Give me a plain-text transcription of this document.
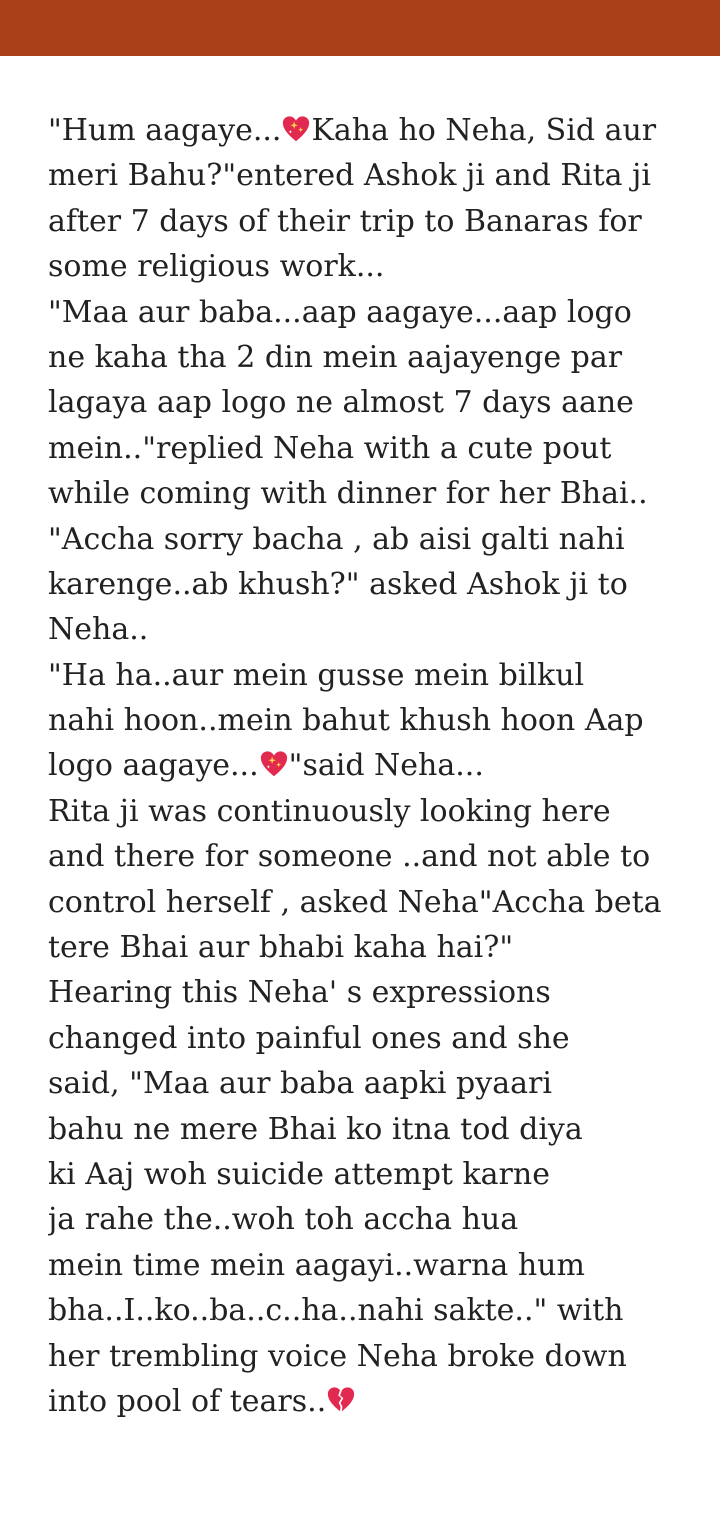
"Hum aagaye... Kaha ho Neha, Sid aur
meri Bahu?"entered Ashok ji and Rita ji
after 7 days of their trip to Banaras for
some religious work...
"Maa aur baba...aap aagaye...aap logo
ne kaha tha 2 din mein aajayenge par
lagaya aap logo ne almost 7 days aane
mein.."replied Neha with a cute pout
while coming with dinner for her Bhai..
"Accha sorry bacha , ab aisi galti nahi
karenge..ab khush?" asked Ashok ji to
Neha..
"Ha ha..aur mein gusse mein bilkul
nahi hoon..mein bahut khush hoon Aap
logo aagaye... "said Neha...
Rita ji was continuously looking here
and there for someone ..and not able to
control herself , asked Neha"Accha beta
tere Bhai aur bhabi kaha hai?"
Hearing this Neha' s expressions
changed into painful ones and she
said, "Maa aur baba aapki pyaari
bahu ne mere Bhai ko itna tod diya
ki Aaj woh suicide attempt karne
ja rahe the..woh toh accha hua
mein time mein aagayi..warna hum
bha..I..ko..ba..c..ha..nahi sakte.." with
her trembling voice Neha broke down
into pool of tears..
